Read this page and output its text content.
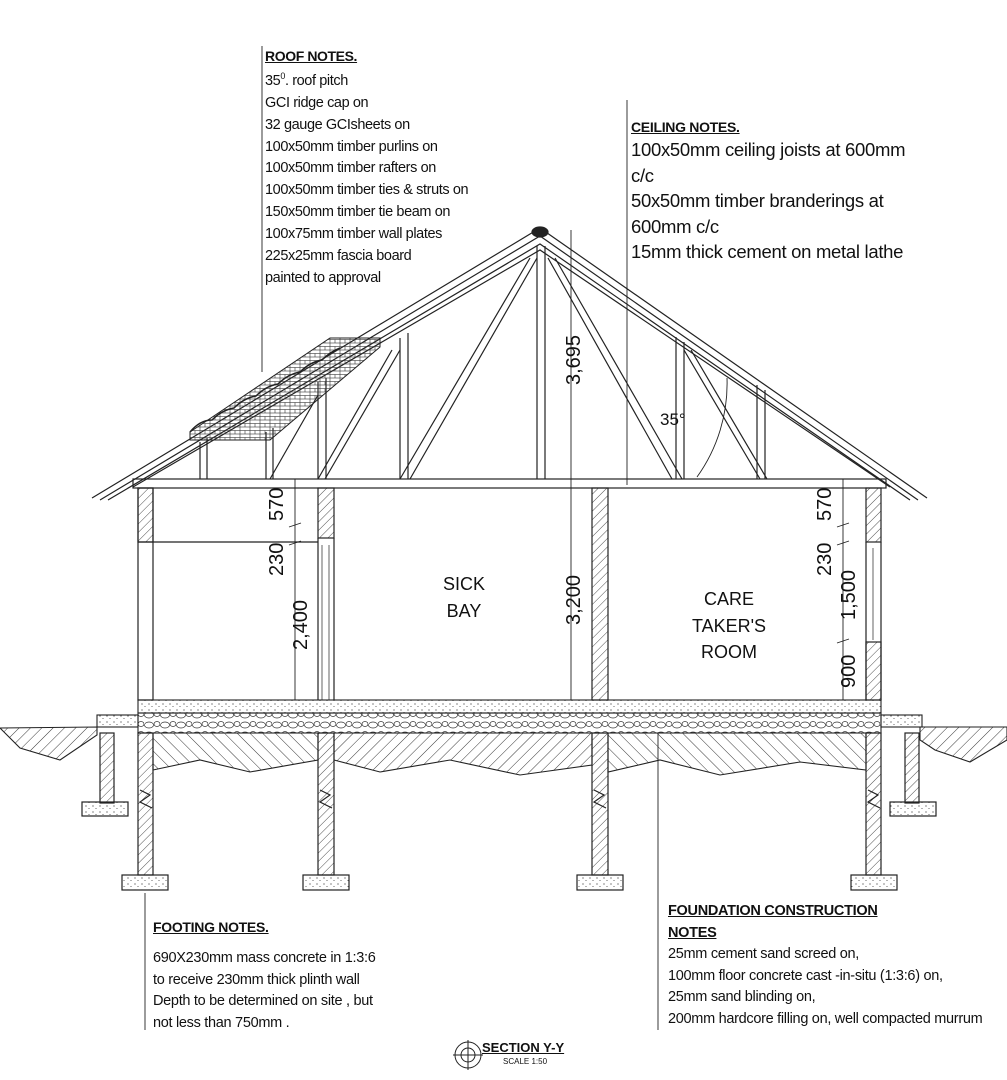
SICK
BAY
CARE
TAKER'S
ROOM
3,695
3,200
570
230
2,400
570
230
1,500
900
35°
ROOF NOTES.
$35^0$. roof pitch
GCI ridge cap on
32 gauge GCIsheets on
100x50mm timber purlins on
100x50mm timber rafters on
100x50mm timber ties & struts on
150x50mm timber tie beam on
100x75mm timber wall plates
225x25mm fascia board
painted to approval
CEILING NOTES.
100x50mm ceiling joists at 600mm
c/c
50x50mm timber branderings at
600mm c/c
15mm thick cement on metal lathe
FOOTING NOTES.
690X230mm mass concrete in 1:3:6
to receive 230mm thick plinth wall
Depth to be determined on site , but
not less than 750mm .
FOUNDATION CONSTRUCTION
NOTES
25mm cement sand screed on,
100mm floor concrete cast -in-situ (1:3:6) on,
25mm sand blinding on,
200mm hardcore filling on, well compacted murrum
SECTION Y-Y
SCALE 1:50
